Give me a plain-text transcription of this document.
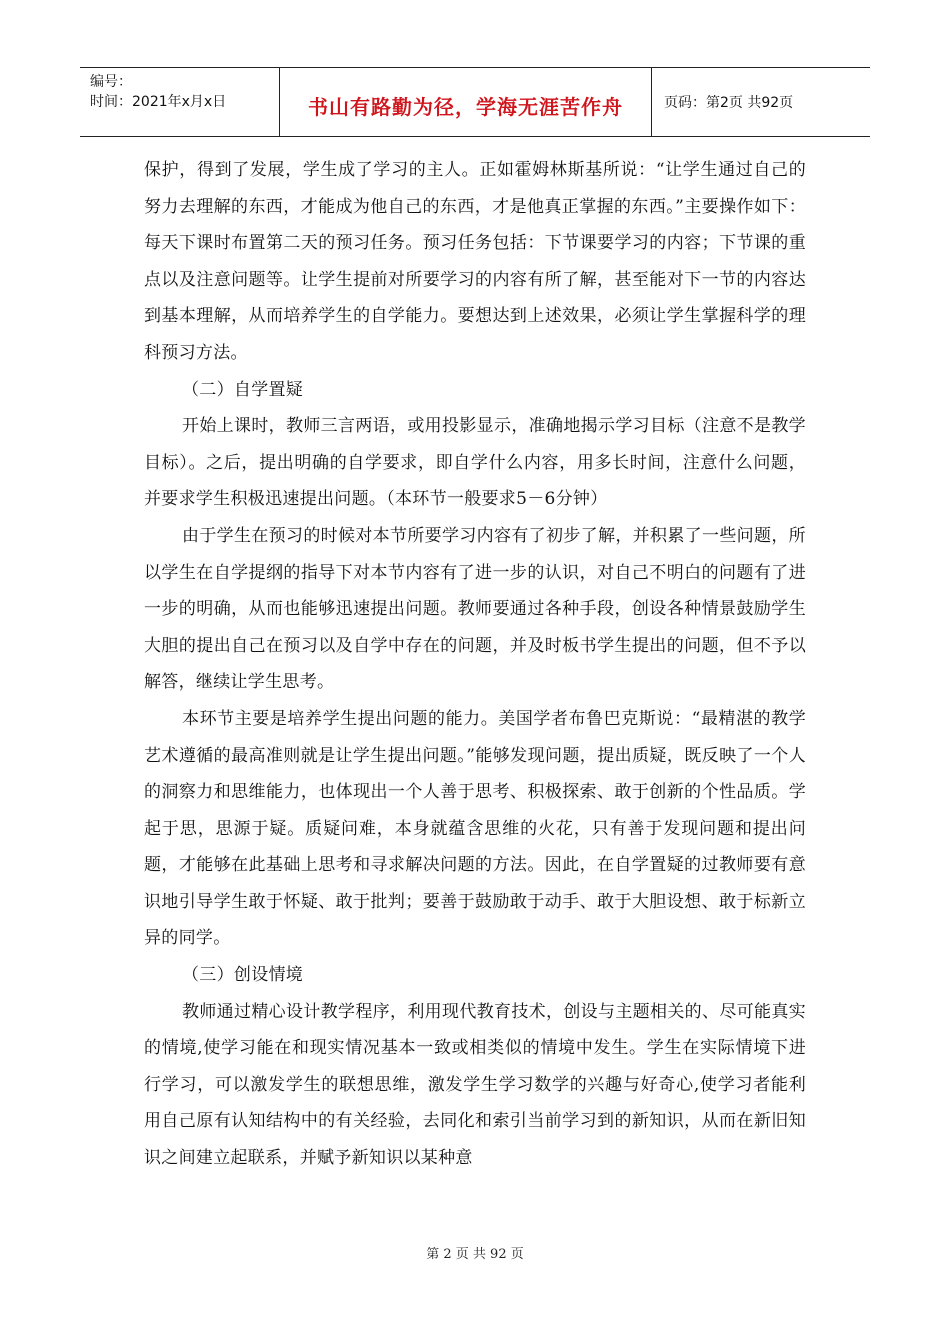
编号：
时间：2021年x月x日	书山有路勤为径，学海无涯苦作舟	页码：第2页 共92页

保护，得到了发展，学生成了学习的主人。正如霍姆林斯基所说：“让学生通过自己的努力去理解的东西，才能成为他自己的东西，才是他真正掌握的东西。”主要操作如下：每天下课时布置第二天的预习任务。预习任务包括：下节课要学习的内容；下节课的重点以及注意问题等。让学生提前对所要学习的内容有所了解，甚至能对下一节的内容达到基本理解，从而培养学生的自学能力。要想达到上述效果，必须让学生掌握科学的理科预习方法。

（二）自学置疑

开始上课时，教师三言两语，或用投影显示，准确地揭示学习目标（注意不是教学目标）。之后，提出明确的自学要求，即自学什么内容，用多长时间，注意什么问题，并要求学生积极迅速提出问题。（本环节一般要求5－6分钟）

由于学生在预习的时候对本节所要学习内容有了初步了解，并积累了一些问题，所以学生在自学提纲的指导下对本节内容有了进一步的认识，对自己不明白的问题有了进一步的明确，从而也能够迅速提出问题。教师要通过各种手段，创设各种情景鼓励学生大胆的提出自己在预习以及自学中存在的问题，并及时板书学生提出的问题，但不予以解答，继续让学生思考。

本环节主要是培养学生提出问题的能力。美国学者布鲁巴克斯说：“最精湛的教学艺术遵循的最高准则就是让学生提出问题。”能够发现问题，提出质疑，既反映了一个人的洞察力和思维能力，也体现出一个人善于思考、积极探索、敢于创新的个性品质。学起于思，思源于疑。质疑问难，本身就蕴含思维的火花，只有善于发现问题和提出问题，才能够在此基础上思考和寻求解决问题的方法。因此，在自学置疑的过教师要有意识地引导学生敢于怀疑、敢于批判；要善于鼓励敢于动手、敢于大胆设想、敢于标新立异的同学。

（三）创设情境

教师通过精心设计教学程序，利用现代教育技术，创设与主题相关的、尽可能真实的情境,使学习能在和现实情况基本一致或相类似的情境中发生。学生在实际情境下进行学习，可以激发学生的联想思维，激发学生学习数学的兴趣与好奇心,使学习者能利用自己原有认知结构中的有关经验，去同化和索引当前学习到的新知识，从而在新旧知识之间建立起联系，并赋予新知识以某种意

第 2 页 共 92 页
